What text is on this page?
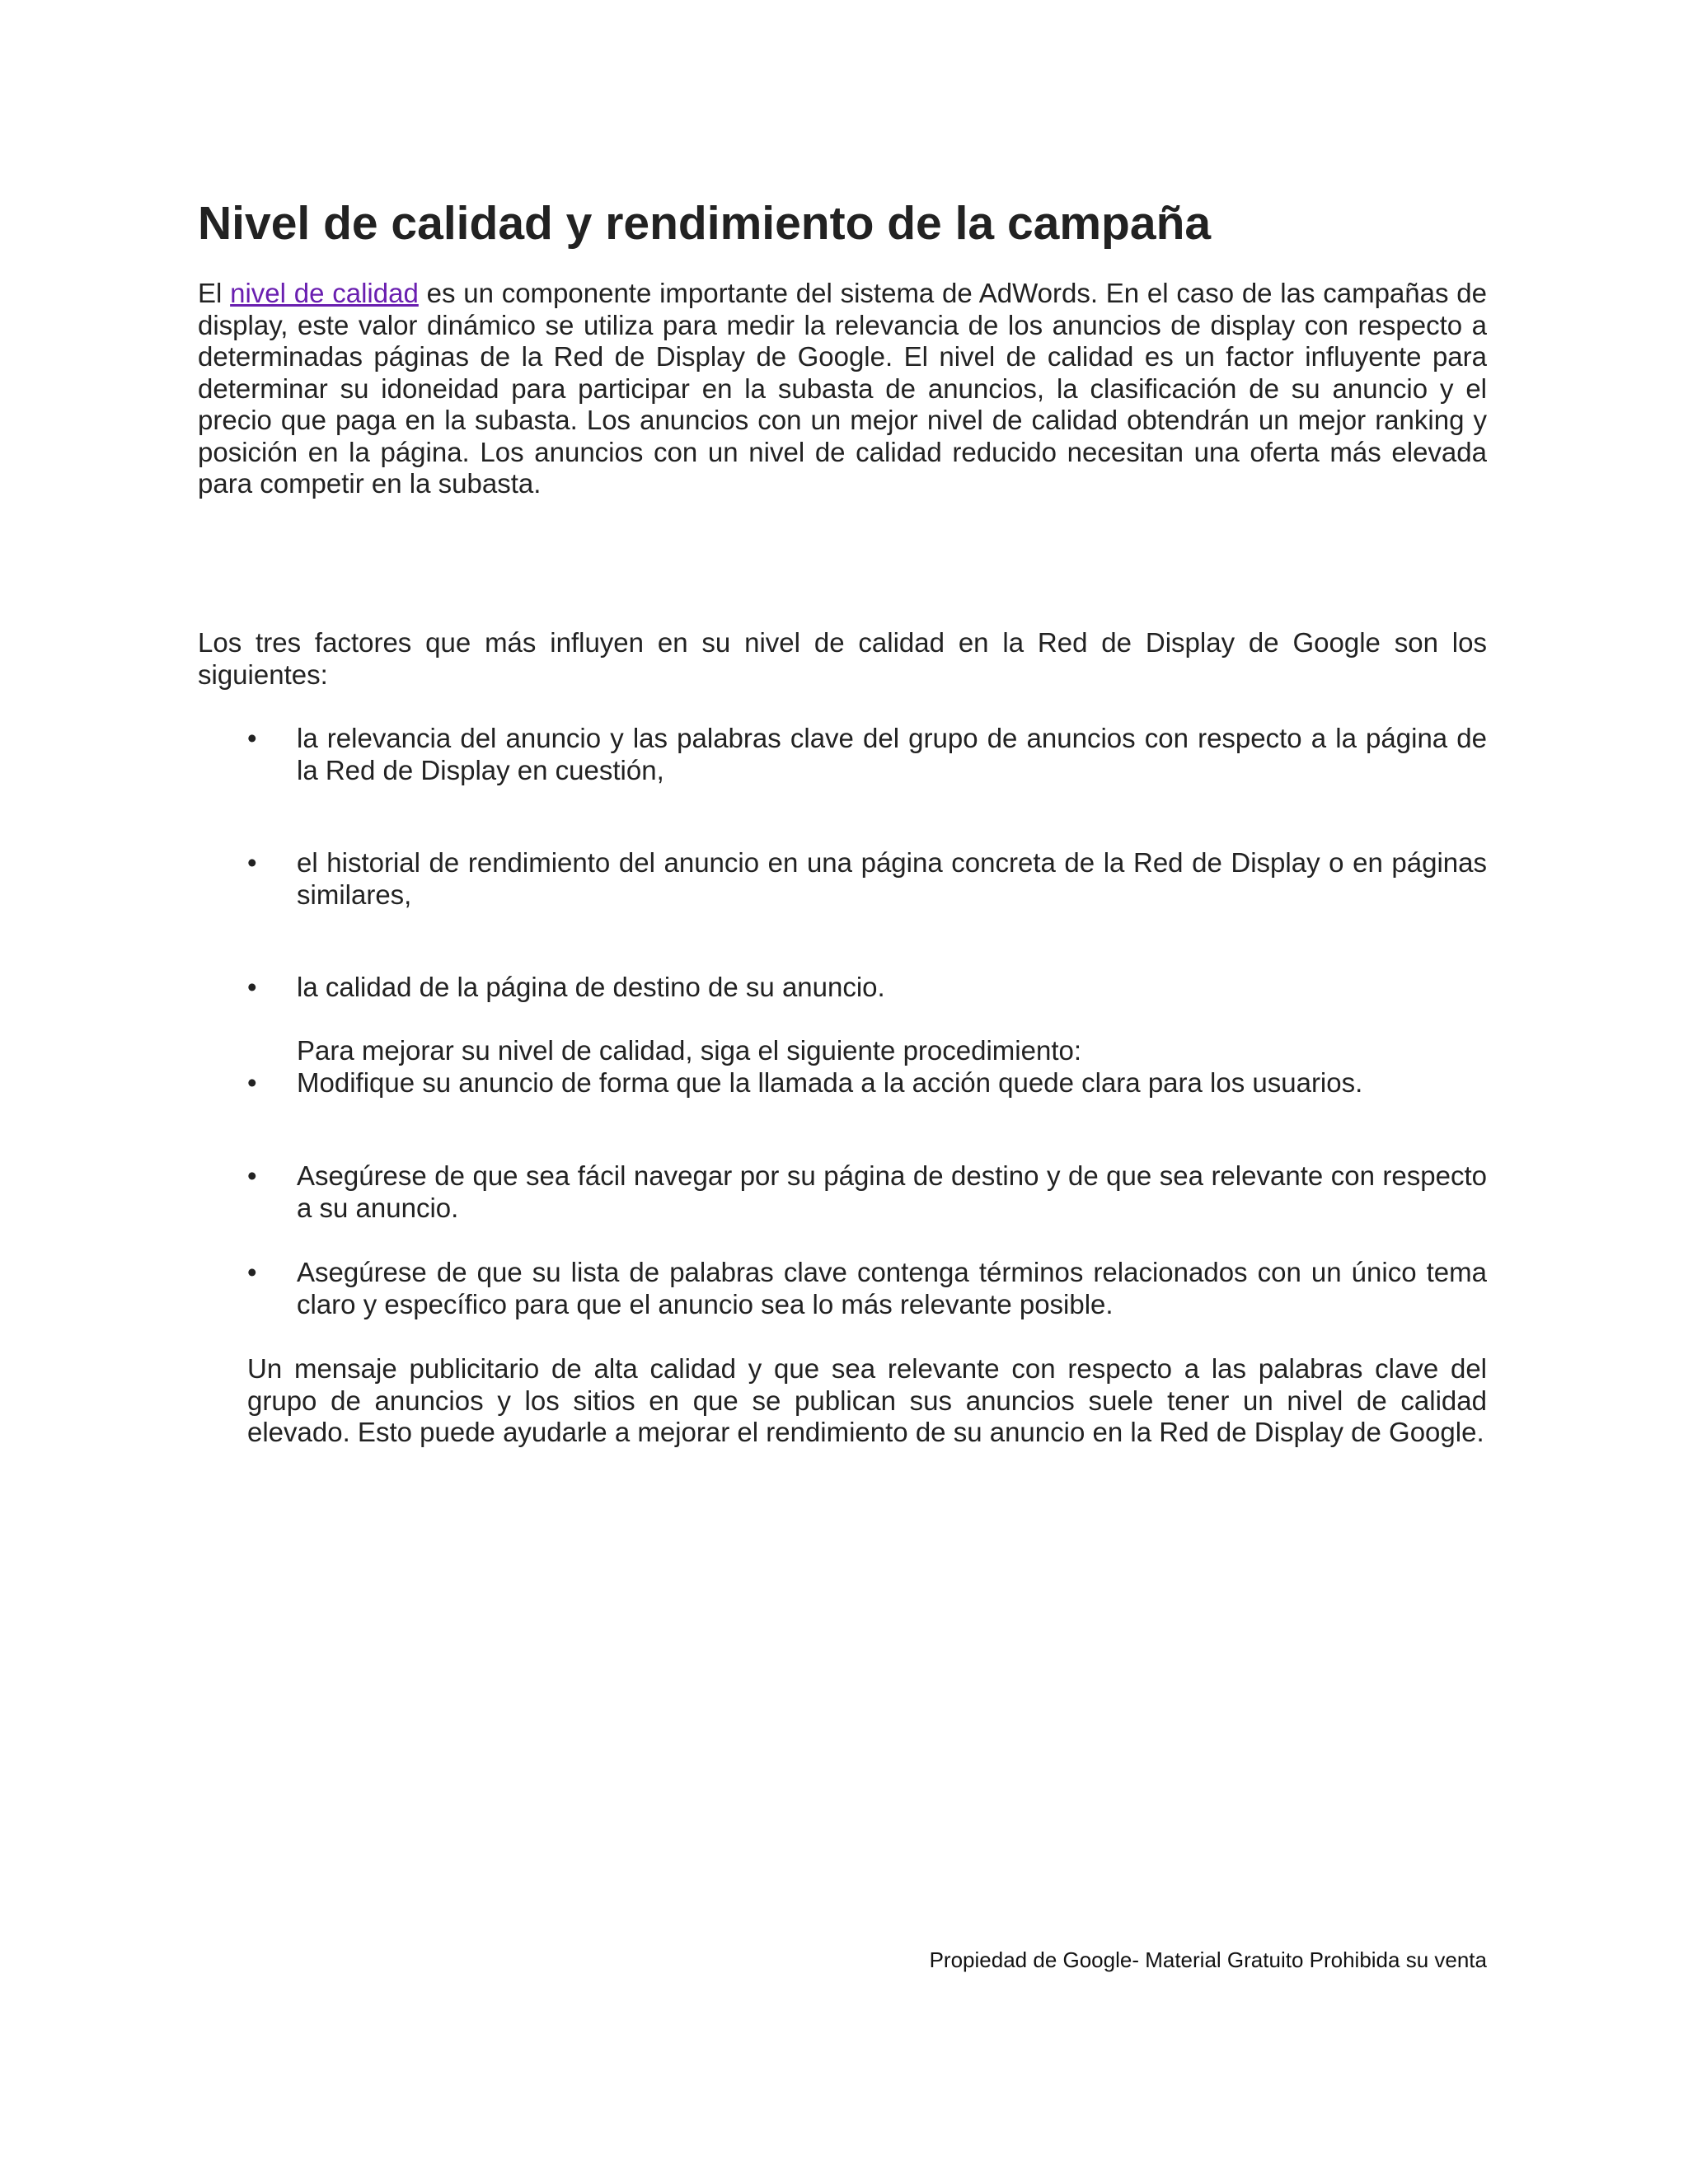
Nivel de calidad y rendimiento de la campaña

El nivel de calidad es un componente importante del sistema de AdWords. En el caso de las campañas de display, este valor dinámico se utiliza para medir la relevancia de los anuncios de display con respecto a determinadas páginas de la Red de Display de Google. El nivel de calidad es un factor influyente para determinar su idoneidad para participar en la subasta de anuncios, la clasificación de su anuncio y el precio que paga en la subasta. Los anuncios con un mejor nivel de calidad obtendrán un mejor ranking y posición en la página. Los anuncios con un nivel de calidad reducido necesitan una oferta más elevada para competir en la subasta.

Los tres factores que más influyen en su nivel de calidad en la Red de Display de Google son los siguientes:

•	la relevancia del anuncio y las palabras clave del grupo de anuncios con respecto a la página de la Red de Display en cuestión,
•	el historial de rendimiento del anuncio en una página concreta de la Red de Display o en páginas similares,
•	la calidad de la página de destino de su anuncio.

Para mejorar su nivel de calidad, siga el siguiente procedimiento:

•	Modifique su anuncio de forma que la llamada a la acción quede clara para los usuarios.
•	Asegúrese de que sea fácil navegar por su página de destino y de que sea relevante con respecto a su anuncio.
•	Asegúrese de que su lista de palabras clave contenga términos relacionados con un único tema claro y específico para que el anuncio sea lo más relevante posible.

Un mensaje publicitario de alta calidad y que sea relevante con respecto a las palabras clave del grupo de anuncios y los sitios en que se publican sus anuncios suele tener un nivel de calidad elevado. Esto puede ayudarle a mejorar el rendimiento de su anuncio en la Red de Display de Google.

Propiedad de Google- Material Gratuito Prohibida su venta
